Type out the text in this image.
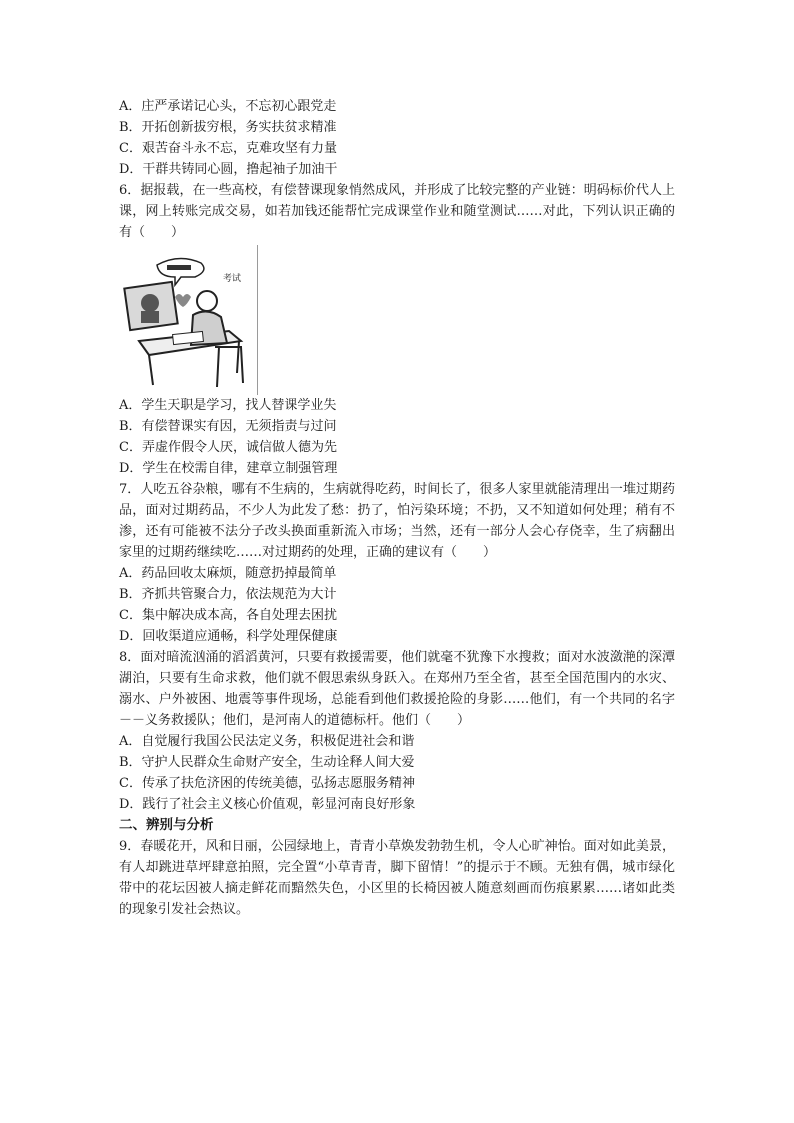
A．庄严承诺记心头，不忘初心跟党走
B．开拓创新拔穷根，务实扶贫求精准
C．艰苦奋斗永不忘，克难攻坚有力量
D．干群共铸同心圆，撸起袖子加油干
6．据报载，在一些高校，有偿替课现象悄然成风，并形成了比较完整的产业链：明码标价代人上课，网上转账完成交易，如若加钱还能帮忙完成课堂作业和随堂测试……对此，下列认识正确的有（　　）
考试
A．学生天职是学习，找人替课学业失
B．有偿替课实有因，无须指责与过问
C．弄虚作假令人厌，诚信做人德为先
D．学生在校需自律，建章立制强管理
7．人吃五谷杂粮，哪有不生病的，生病就得吃药，时间长了，很多人家里就能清理出一堆过期药品，面对过期药品，不少人为此发了愁：扔了，怕污染环境；不扔，又不知道如何处理；稍有不渗，还有可能被不法分子改头换面重新流入市场；当然，还有一部分人会心存侥幸，生了病翻出家里的过期药继续吃……对过期药的处理，正确的建议有（　　）
A．药品回收太麻烦，随意扔掉最简单
B．齐抓共管聚合力，依法规范为大计
C．集中解决成本高，各自处理去困扰
D．回收渠道应通畅，科学处理保健康
8．面对暗流汹涌的滔滔黄河，只要有救援需要，他们就毫不犹豫下水搜救；面对水波潋滟的深潭湖泊，只要有生命求救，他们就不假思索纵身跃入。在郑州乃至全省，甚至全国范围内的水灾、溺水、户外被困、地震等事件现场，总能看到他们救援抢险的身影……他们，有一个共同的名字－－义务救援队；他们，是河南人的道德标杆。他们（　　）
A．自觉履行我国公民法定义务，积极促进社会和谐
B．守护人民群众生命财产安全，生动诠释人间大爱
C．传承了扶危济困的传统美德，弘扬志愿服务精神
D．践行了社会主义核心价值观，彰显河南良好形象
二、辨别与分析
9．春暖花开，风和日丽，公园绿地上，青青小草焕发勃勃生机，令人心旷神怡。面对如此美景，有人却跳进草坪肆意拍照，完全置“小草青青，脚下留情！”的提示于不顾。无独有偶，城市绿化带中的花坛因被人摘走鲜花而黯然失色，小区里的长椅因被人随意刻画而伤痕累累……诸如此类的现象引发社会热议。
